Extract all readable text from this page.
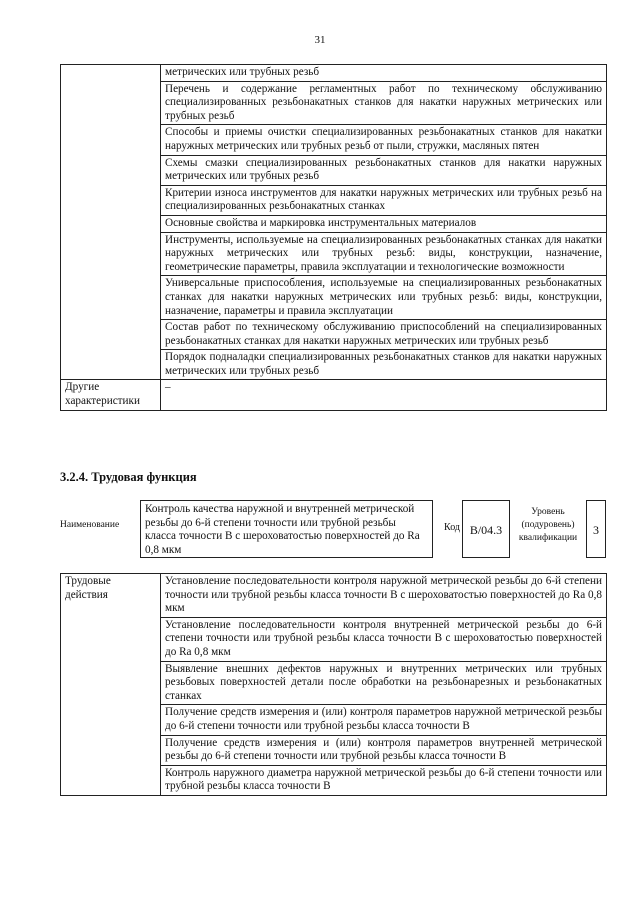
31
	метрических или трубных резьб
	Перечень и содержание регламентных работ по техническому обслуживанию специализированных резьбонакатных станков для накатки наружных метрических или трубных резьб
	Способы и приемы очистки специализированных резьбонакатных станков для накатки наружных метрических или трубных резьб от пыли, стружки, масляных пятен
	Схемы смазки специализированных резьбонакатных станков для накатки наружных метрических или трубных резьб
	Критерии износа инструментов для накатки наружных метрических или трубных резьб на специализированных резьбонакатных станках
	Основные свойства и маркировка инструментальных материалов
	Инструменты, используемые на специализированных резьбонакатных станках для накатки наружных метрических или трубных резьб: виды, конструкции, назначение, геометрические параметры, правила эксплуатации и технологические возможности
	Универсальные приспособления, используемые на специализированных резьбонакатных станках для накатки наружных метрических или трубных резьб: виды, конструкции, назначение, параметры и правила эксплуатации
	Состав работ по техническому обслуживанию приспособлений на специализированных резьбонакатных станках для накатки наружных метрических или трубных резьб
	Порядок подналадки специализированных резьбонакатных станков для накатки наружных метрических или трубных резьб
Другие характеристики	–
3.2.4. Трудовая функция
Наименование
Контроль качества наружной и внутренней метрической резьбы до 6-й степени точности или трубной резьбы класса точности В с шероховатостью поверхностей до Ra 0,8 мкм
Код В/04.3
Уровень (подуровень) квалификации
3
Трудовые действия	Установление последовательности контроля наружной метрической резьбы до 6-й степени точности или трубной резьбы класса точности В с шероховатостью поверхностей до Ra 0,8 мкм
Установление последовательности контроля внутренней метрической резьбы до 6-й степени точности или трубной резьбы класса точности В с шероховатостью поверхностей до Ra 0,8 мкм
Выявление внешних дефектов наружных и внутренних метрических или трубных резьбовых поверхностей детали после обработки на резьбонарезных и резьбонакатных станках
Получение средств измерения и (или) контроля параметров наружной метрической резьбы до 6-й степени точности или трубной резьбы класса точности В
Получение средств измерения и (или) контроля параметров внутренней метрической резьбы до 6-й степени точности или трубной резьбы класса точности В
Контроль наружного диаметра наружной метрической резьбы до 6-й степени точности или трубной резьбы класса точности В
